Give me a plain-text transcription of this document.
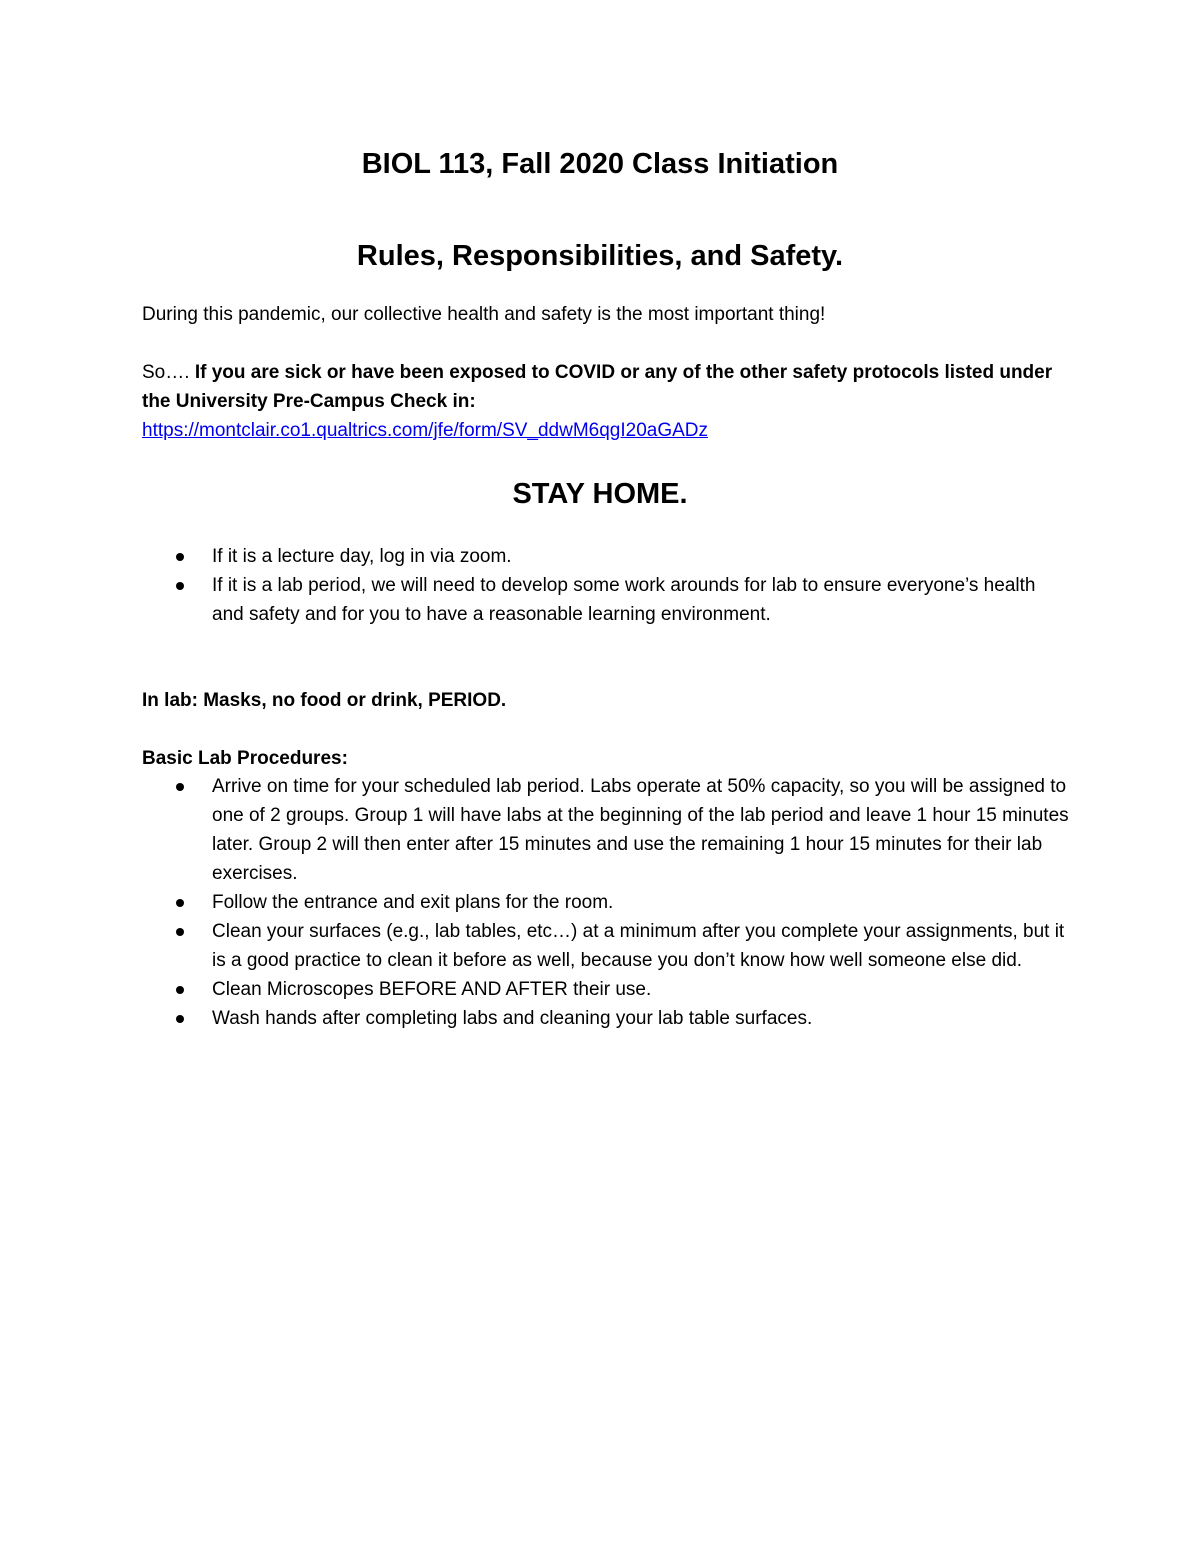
BIOL 113, Fall 2020 Class Initiation
Rules, Responsibilities, and Safety.

During this pandemic, our collective health and safety is the most important thing!

So…. If you are sick or have been exposed to COVID or any of the other safety protocols listed under the University Pre-Campus Check in:

https://montclair.co1.qualtrics.com/jfe/form/SV_ddwM6qgI20aGADz

STAY HOME.
If it is a lecture day, log in via zoom.
If it is a lab period, we will need to develop some work arounds for lab to ensure everyone’s health and safety and for you to have a reasonable learning environment.

In lab: Masks, no food or drink, PERIOD.

Basic Lab Procedures:

Arrive on time for your scheduled lab period. Labs operate at 50% capacity, so you will be assigned to one of 2 groups. Group 1 will have labs at the beginning of the lab period and leave 1 hour 15 minutes later. Group 2 will then enter after 15 minutes and use the remaining 1 hour 15 minutes for their lab exercises.
Follow the entrance and exit plans for the room.
Clean your surfaces (e.g., lab tables, etc…) at a minimum after you complete your assignments, but it is a good practice to clean it before as well, because you don’t know how well someone else did.
Clean Microscopes BEFORE AND AFTER their use.
Wash hands after completing labs and cleaning your lab table surfaces.
